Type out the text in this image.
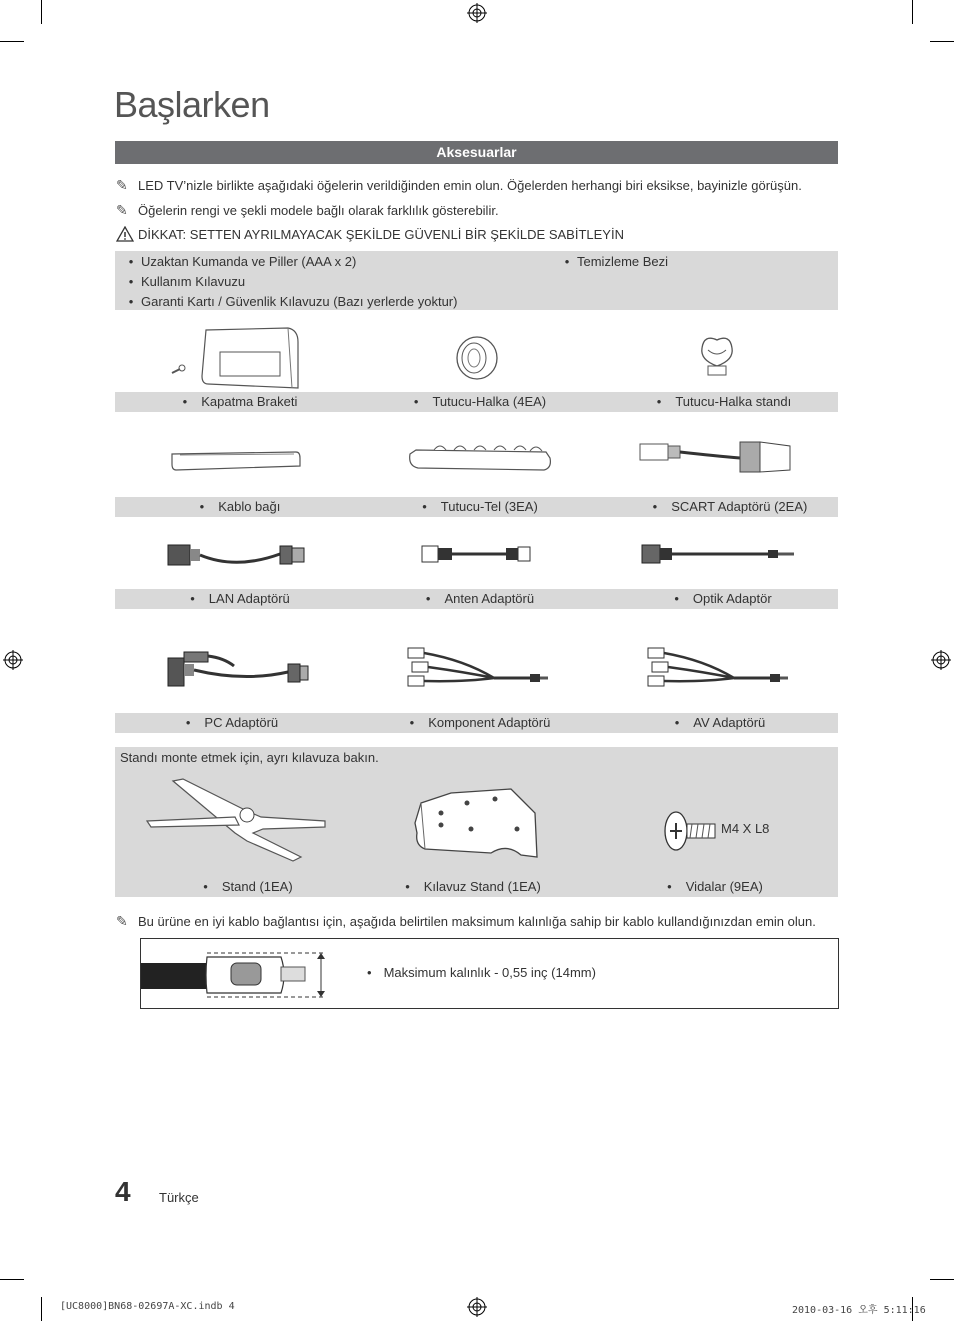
Başlarken
Aksesuarlar
✎ LED TV’nizle birlikte aşağıdaki öğelerin verildiğinden emin olun. Öğelerden herhangi biri eksikse, bayinizle görüşün.
✎ Öğelerin rengi ve şekli modele bağlı olarak farklılık gösterebilir.
DİKKAT: SETTEN AYRILMAYACAK ŞEKİLDE GÜVENLİ BİR ŞEKİLDE SABİTLEYİN
• Uzaktan Kumanda ve Piller (AAA x 2)
• Kullanım Kılavuzu
• Garanti Kartı / Güvenlik Kılavuzu (Bazı yerlerde yoktur)
• Temizleme Bezi
• Kapatma Braketi	• Tutucu-Halka (4EA)	• Tutucu-Halka standı
• Kablo bağı	• Tutucu-Tel (3EA)	• SCART Adaptörü (2EA)
• LAN Adaptörü	• Anten Adaptörü	• Optik Adaptör
• PC Adaptörü	• Komponent Adaptörü	• AV Adaptörü
Standı monte etmek için, ayrı kılavuza bakın.
M4 X L8
• Stand (1EA)	• Kılavuz Stand (1EA)	• Vidalar (9EA)
✎ Bu ürüne en iyi kablo bağlantısı için, aşağıda belirtilen maksimum kalınlığa sahip bir kablo kullandığınızdan emin olun.
• Maksimum kalınlık - 0,55 inç (14mm)
4 Türkçe
[UC8000]BN68-02697A-XC.indb 4	2010-03-16 오후 5:11:16
